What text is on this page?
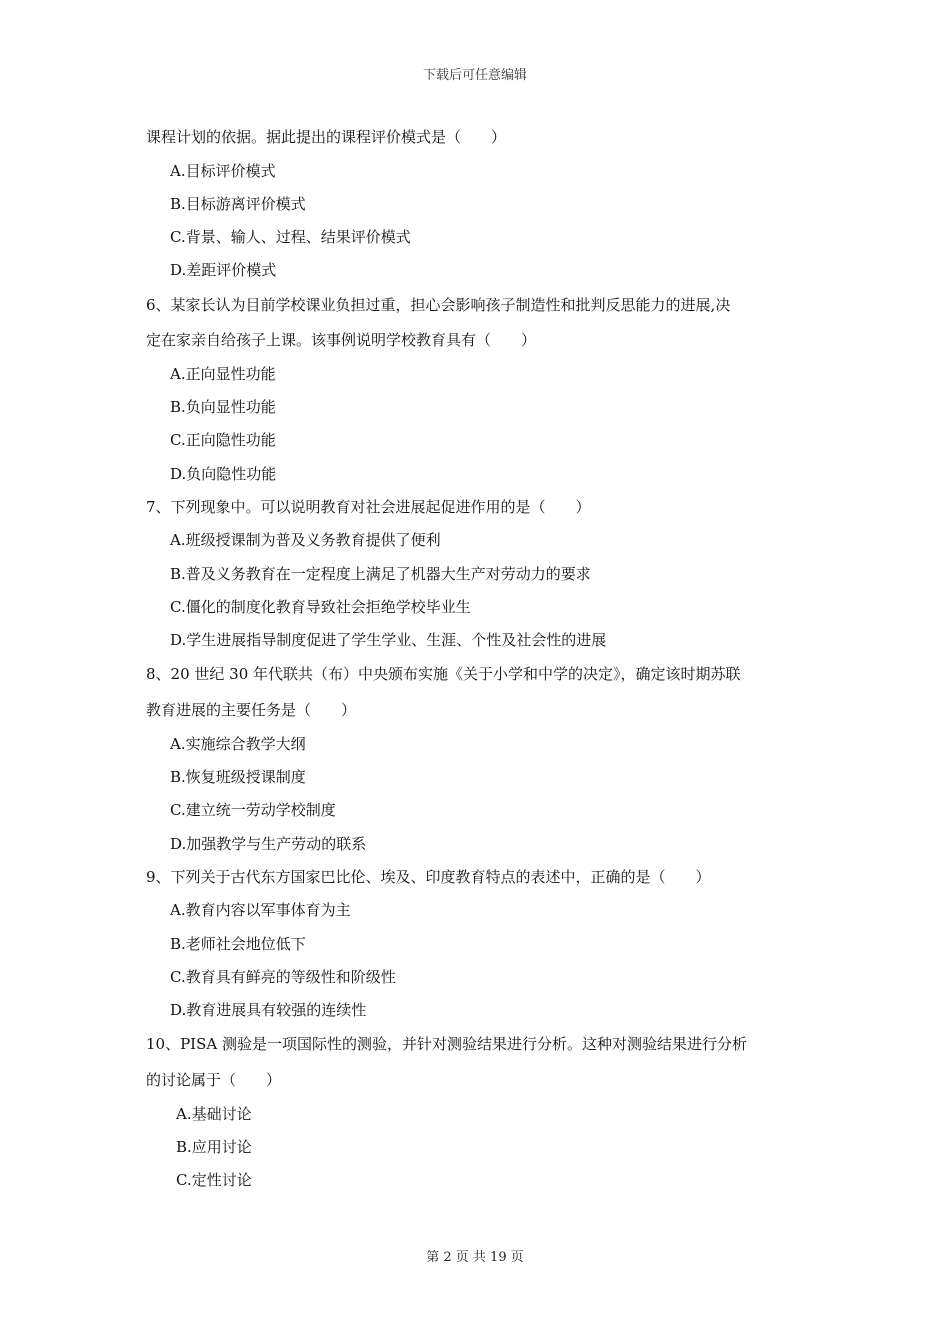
下载后可任意编辑
课程计划的依据。据此提出的课程评价模式是（　　）
A.目标评价模式
B.目标游离评价模式
C.背景、输人、过程、结果评价模式
D.差距评价模式
6、某家长认为目前学校课业负担过重，担心会影响孩子制造性和批判反思能力的进展,决
定在家亲自给孩子上课。该事例说明学校教育具有（　　）
A.正向显性功能
B.负向显性功能
C.正向隐性功能
D.负向隐性功能
7、下列现象中。可以说明教育对社会进展起促进作用的是（　　）
A.班级授课制为普及义务教育提供了便利
B.普及义务教育在一定程度上满足了机器大生产对劳动力的要求
C.僵化的制度化教育导致社会拒绝学校毕业生
D.学生进展指导制度促进了学生学业、生涯、个性及社会性的进展
8、20 世纪 30 年代联共（布）中央颁布实施《关于小学和中学的决定》，确定该时期苏联
教育进展的主要任务是（　　）
A.实施综合教学大纲
B.恢复班级授课制度
C.建立统一劳动学校制度
D.加强教学与生产劳动的联系
9、下列关于古代东方国家巴比伦、埃及、印度教育特点的表述中，正确的是（　　）
A.教育内容以军事体育为主
B.老师社会地位低下
C.教育具有鲜亮的等级性和阶级性
D.教育进展具有较强的连续性
10、PISA 测验是一项国际性的测验，并针对测验结果进行分析。这种对测验结果进行分析
的讨论属于（　　）
A.基础讨论
B.应用讨论
C.定性讨论
第 2 页 共 19 页
